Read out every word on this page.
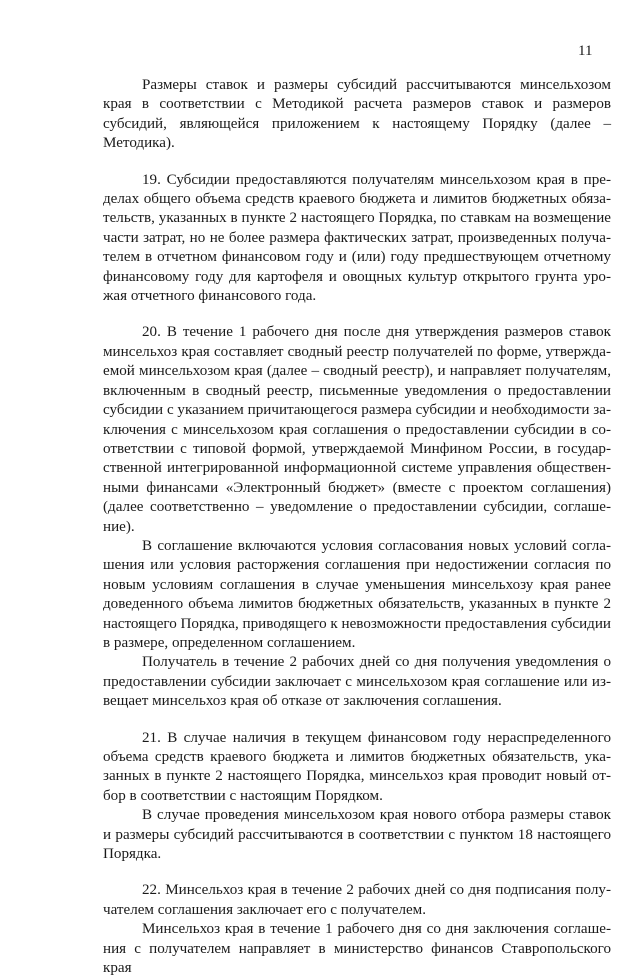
11

Размеры ставок и размеры субсидий рассчитываются минсельхозом края в соответствии с Методикой расчета размеров ставок и размеров субсидий, являющейся приложением к настоящему Порядку (далее – Методика).

19. Субсидии предоставляются получателям минсельхозом края в пределах общего объема средств краевого бюджета и лимитов бюджетных обязательств, указанных в пункте 2 настоящего Порядка, по ставкам на возмещение части затрат, но не более размера фактических затрат, произведенных получателем в отчетном финансовом году и (или) году предшествующем отчетному финансовому году для картофеля и овощных культур открытого грунта урожая отчетного финансового года.

20. В течение 1 рабочего дня после дня утверждения размеров ставок минсельхоз края составляет сводный реестр получателей по форме, утверждаемой минсельхозом края (далее – сводный реестр), и направляет получателям, включенным в сводный реестр, письменные уведомления о предоставлении субсидии с указанием причитающегося размера субсидии и необходимости заключения с минсельхозом края соглашения о предоставлении субсидии в соответствии с типовой формой, утверждаемой Минфином России, в государственной интегрированной информационной системе управления общественными финансами «Электронный бюджет» (вместе с проектом соглашения) (далее соответственно – уведомление о предоставлении субсидии, соглашение).

В соглашение включаются условия согласования новых условий соглашения или условия расторжения соглашения при недостижении согласия по новым условиям соглашения в случае уменьшения минсельхозу края ранее доведенного объема лимитов бюджетных обязательств, указанных в пункте 2 настоящего Порядка, приводящего к невозможности предоставления субсидии в размере, определенном соглашением.

Получатель в течение 2 рабочих дней со дня получения уведомления о предоставлении субсидии заключает с минсельхозом края соглашение или извещает минсельхоз края об отказе от заключения соглашения.

21. В случае наличия в текущем финансовом году нераспределенного объема средств краевого бюджета и лимитов бюджетных обязательств, указанных в пункте 2 настоящего Порядка, минсельхоз края проводит новый отбор в соответствии с настоящим Порядком.

В случае проведения минсельхозом края нового отбора размеры ставок и размеры субсидий рассчитываются в соответствии с пунктом 18 настоящего Порядка.

22. Минсельхоз края в течение 2 рабочих дней со дня подписания получателем соглашения заключает его с получателем.

Минсельхоз края в течение 1 рабочего дня со дня заключения соглашения с получателем направляет в министерство финансов Ставропольского края
